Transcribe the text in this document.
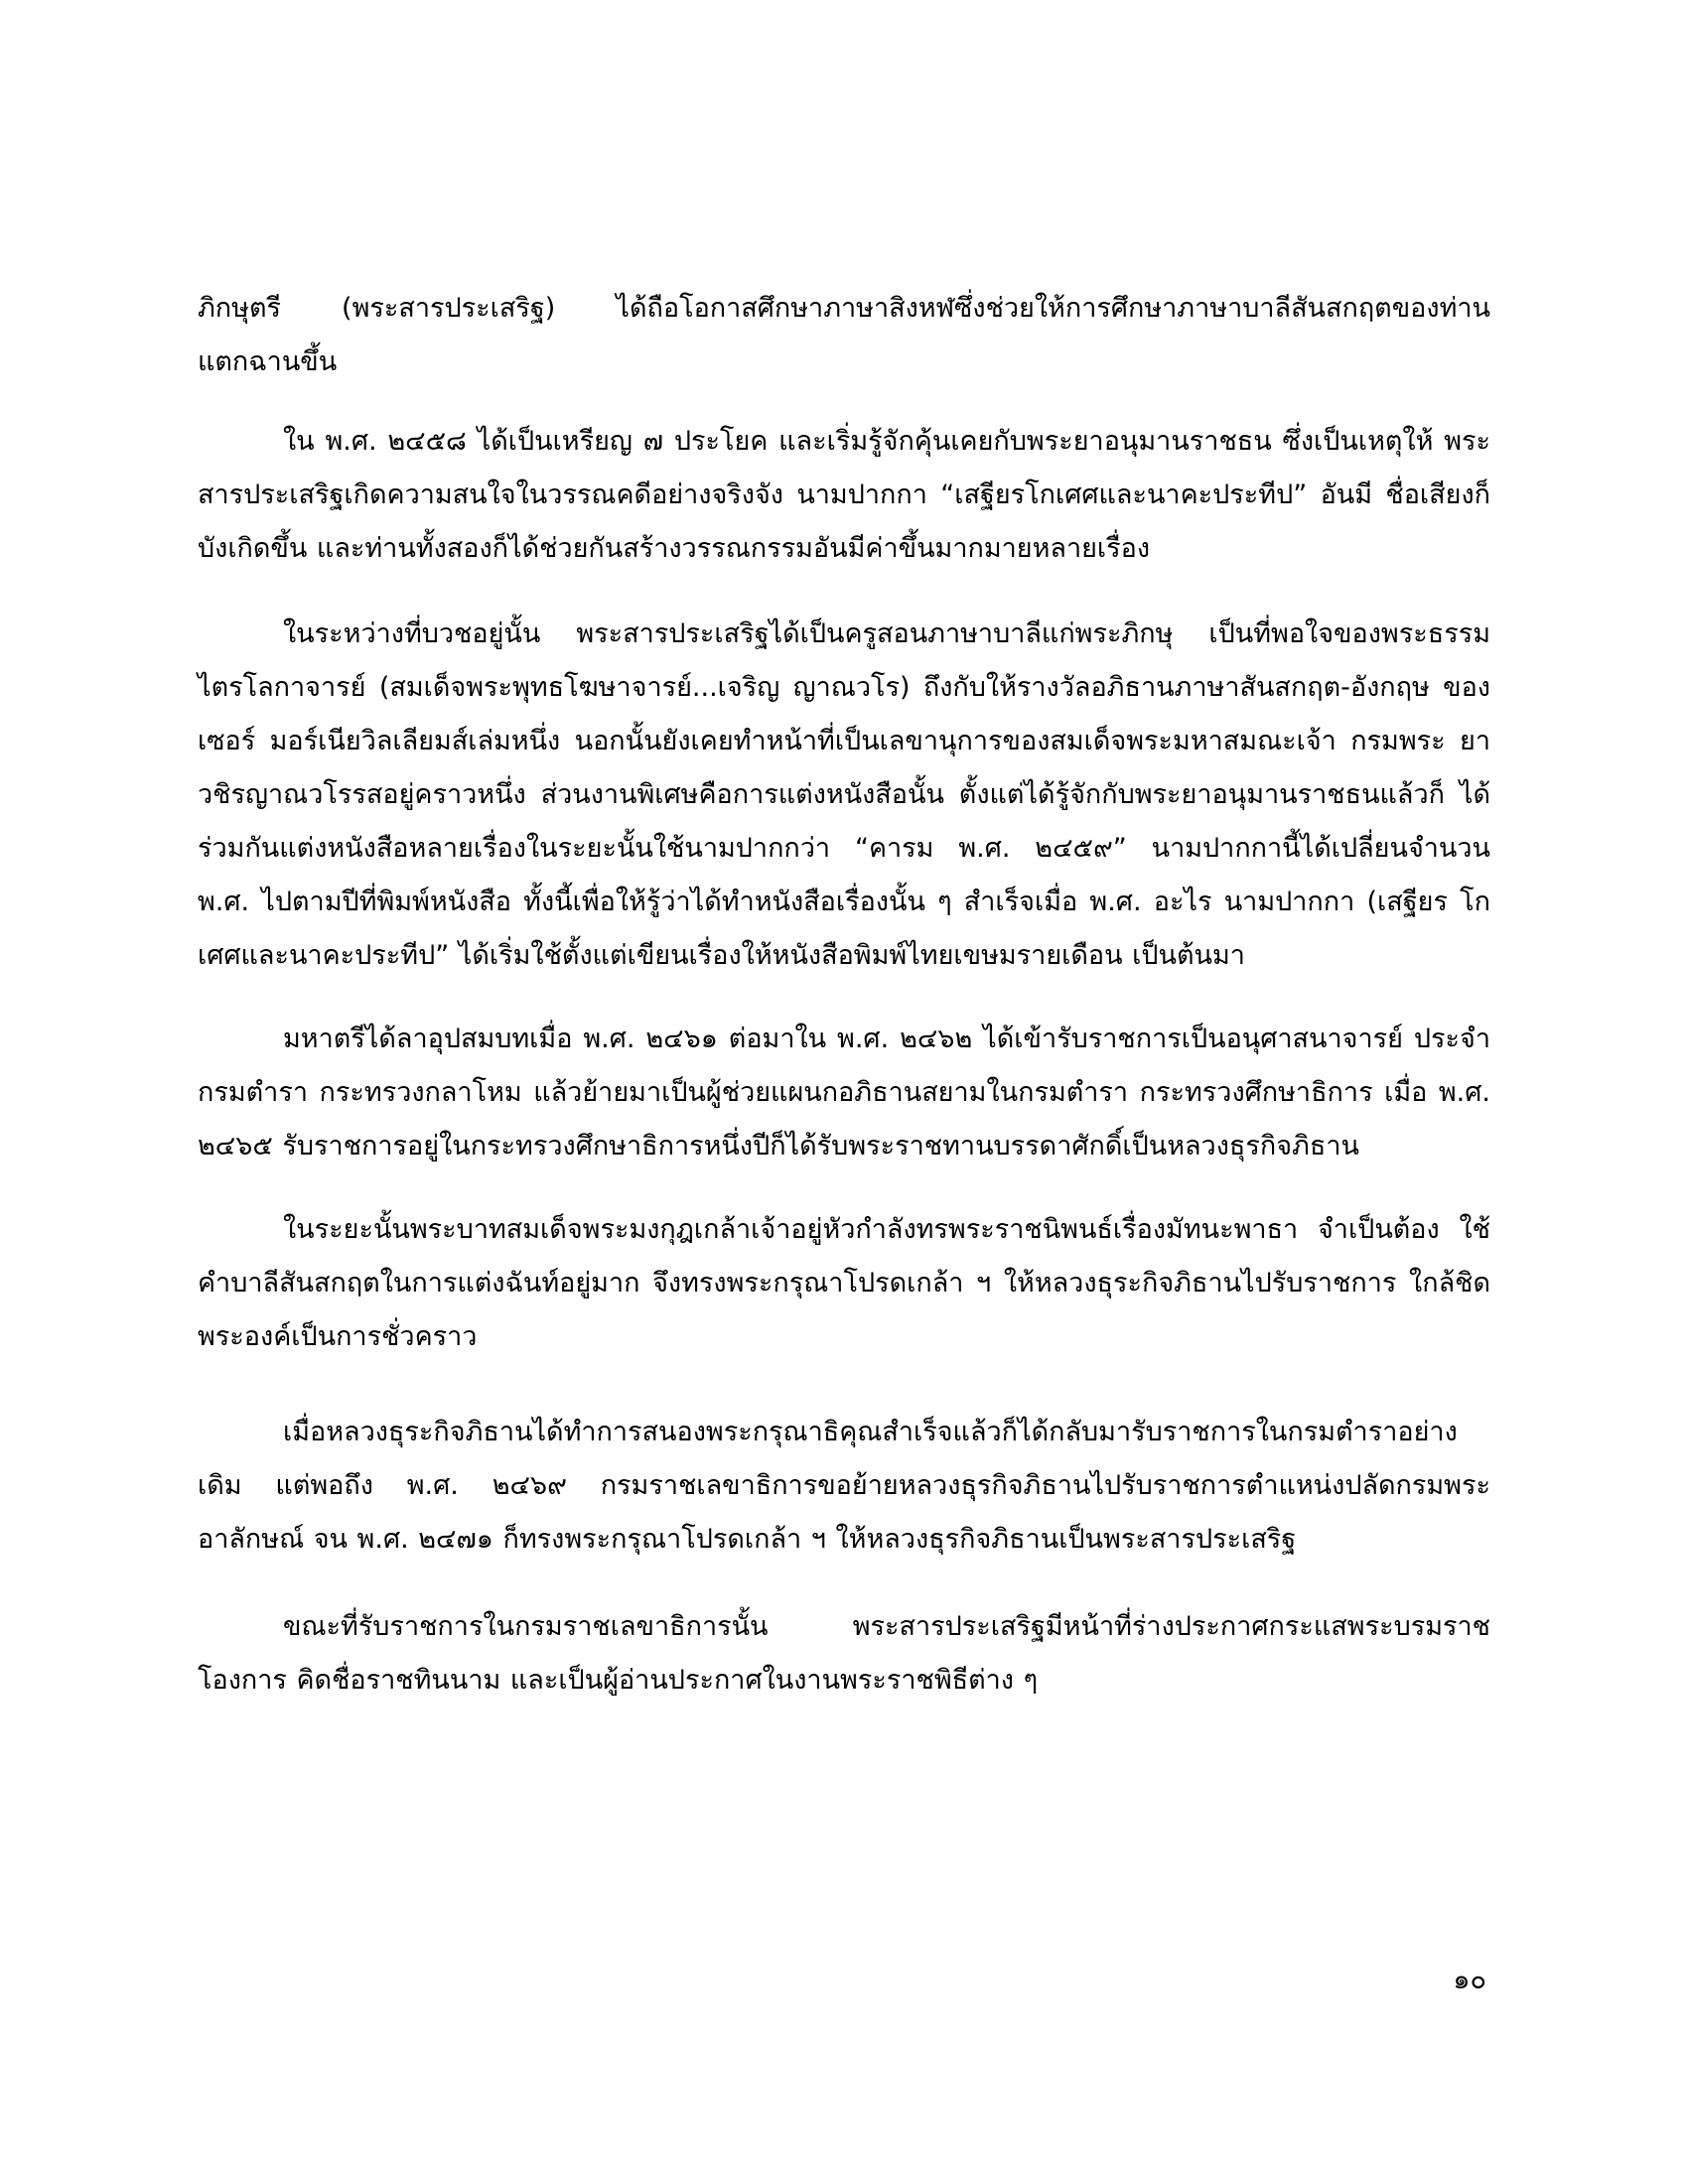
ภิกษุตรี (พระสารประเสริฐ) ได้ถือโอกาสศึกษาภาษาสิงหฬซึ่งช่วยให้การศึกษาภาษาบาลีสันสกฤตของท่าน แตกฉานขึ้น

ใน พ.ศ. ๒๔๕๘ ได้เป็นเหรียญ ๗ ประโยค และเริ่มรู้จักคุ้นเคยกับพระยาอนุมานราชธน ซึ่งเป็นเหตุให้ พระสารประเสริฐเกิดความสนใจในวรรณคดีอย่างจริงจัง นามปากกา “เสฐียรโกเศศและนาคะประทีป” อันมี ชื่อเสียงก็บังเกิดขึ้น และท่านทั้งสองก็ได้ช่วยกันสร้างวรรณกรรมอันมีค่าขึ้นมากมายหลายเรื่อง

ในระหว่างที่บวชอยู่นั้น พระสารประเสริฐได้เป็นครูสอนภาษาบาลีแก่พระภิกษุ เป็นที่พอใจของพระธรรม ไตรโลกาจารย์ (สมเด็จพระพุทธโฆษาจารย์...เจริญ ญาณวโร) ถึงกับให้รางวัลอภิธานภาษาสันสกฤต-อังกฤษ ของ เซอร์ มอร์เนียวิลเลียมส์เล่มหนึ่ง นอกนั้นยังเคยทำหน้าที่เป็นเลขานุการของสมเด็จพระมหาสมณะเจ้า กรมพระ ยาวชิรญาณวโรรสอยู่คราวหนึ่ง ส่วนงานพิเศษคือการแต่งหนังสือนั้น ตั้งแต่ได้รู้จักกับพระยาอนุมานราชธนแล้วก็ ได้ร่วมกันแต่งหนังสือหลายเรื่องในระยะนั้นใช้นามปากกว่า “คารม พ.ศ. ๒๔๕๙” นามปากกานี้ได้เปลี่ยนจำนวน พ.ศ. ไปตามปีที่พิมพ์หนังสือ ทั้งนี้เพื่อให้รู้ว่าได้ทำหนังสือเรื่องนั้น ๆ สำเร็จเมื่อ พ.ศ. อะไร นามปากกา (เสฐียร โกเศศและนาคะประทีป” ได้เริ่มใช้ตั้งแต่เขียนเรื่องให้หนังสือพิมพ์ไทยเขษมรายเดือน เป็นต้นมา

มหาตรีได้ลาอุปสมบทเมื่อ พ.ศ. ๒๔๖๑ ต่อมาใน พ.ศ. ๒๔๖๒ ได้เข้ารับราชการเป็นอนุศาสนาจารย์ ประจำกรมตำรา กระทรวงกลาโหม แล้วย้ายมาเป็นผู้ช่วยแผนกอภิธานสยามในกรมตำรา กระทรวงศึกษาธิการ เมื่อ พ.ศ. ๒๔๖๕ รับราชการอยู่ในกระทรวงศึกษาธิการหนึ่งปีก็ได้รับพระราชทานบรรดาศักดิ์เป็นหลวงธุรกิจภิธาน

ในระยะนั้นพระบาทสมเด็จพระมงกุฎเกล้าเจ้าอยู่หัวกำลังทรพระราชนิพนธ์เรื่องมัทนะพาธา จำเป็นต้อง ใช้คำบาลีสันสกฤตในการแต่งฉันท์อยู่มาก จึงทรงพระกรุณาโปรดเกล้า ฯ ให้หลวงธุระกิจภิธานไปรับราชการ ใกล้ชิดพระองค์เป็นการชั่วคราว

เมื่อหลวงธุระกิจภิธานได้ทำการสนองพระกรุณาธิคุณสำเร็จแล้วก็ได้กลับมารับราชการในกรมตำราอย่าง เดิม แต่พอถึง พ.ศ. ๒๔๖๙ กรมราชเลขาธิการขอย้ายหลวงธุรกิจภิธานไปรับราชการตำแหน่งปลัดกรมพระ อาลักษณ์ จน พ.ศ. ๒๔๗๑ ก็ทรงพระกรุณาโปรดเกล้า ฯ ให้หลวงธุรกิจภิธานเป็นพระสารประเสริฐ

ขณะที่รับราชการในกรมราชเลขาธิการนั้น พระสารประเสริฐมีหน้าที่ร่างประกาศกระแสพระบรมราช โองการ คิดชื่อราชทินนาม และเป็นผู้อ่านประกาศในงานพระราชพิธีต่าง ๆ

๑๐
